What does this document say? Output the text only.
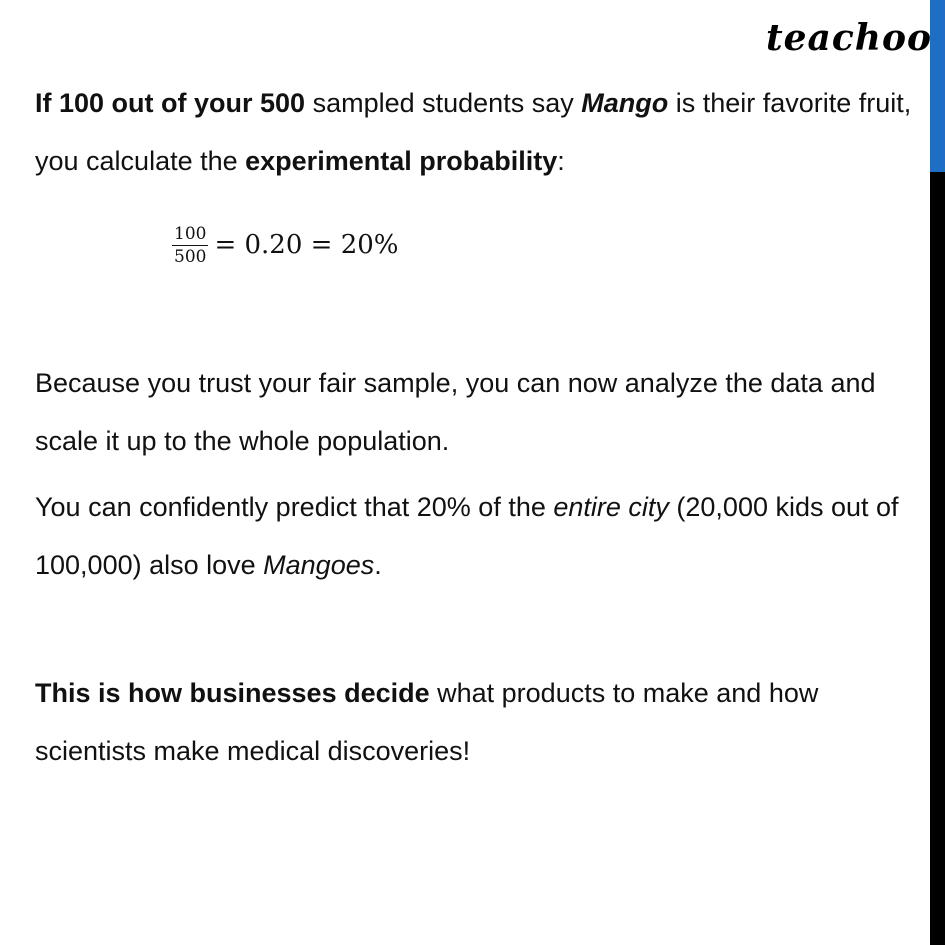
teachoo

If 100 out of your 500 sampled students say Mango is their favorite fruit, you calculate the experimental probability:

$\frac{100}{500} = 0.20 = 20\%$

Because you trust your fair sample, you can now analyze the data and scale it up to the whole population.

You can confidently predict that 20% of the entire city (20,000 kids out of 100,000) also love Mangoes.

This is how businesses decide what products to make and how scientists make medical discoveries!
